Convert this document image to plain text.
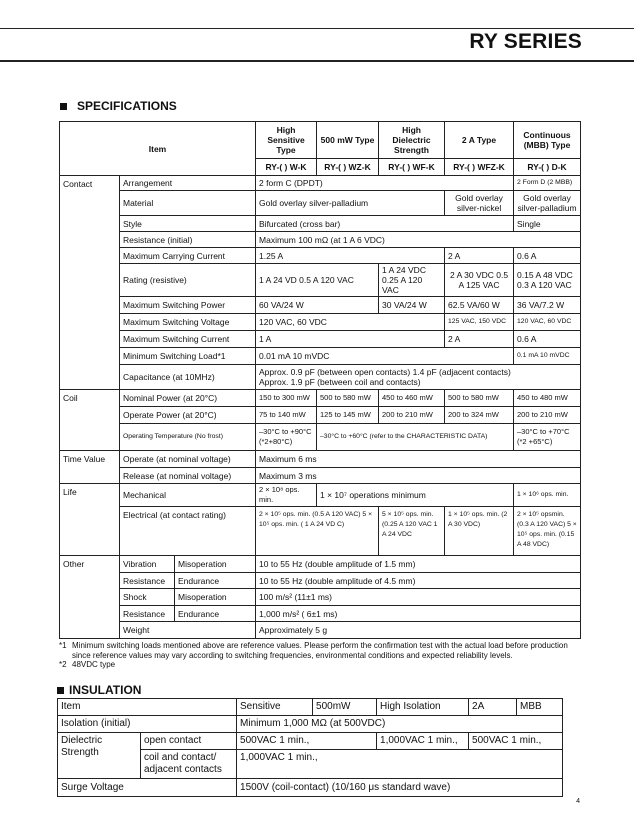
RY SERIES
SPECIFICATIONS
Item			High Sensitive Type	500 mW Type	High Dielectric Strength	2 A Type	Continuous (MBB) Type
			RY-( ) W-K	RY-( ) WZ-K	RY-( ) WF-K	RY-( ) WFZ-K	RY-( ) D-K
Contact	Arrangement		2 form C (DPDT)				2 Form D (2 MBB)
	Material		Gold overlay silver-palladium			Gold overlay silver-nickel	Gold overlay silver-palladium
	Style		Bifurcated (cross bar)				Single
	Resistance (initial)		Maximum 100 mΩ (at 1 A 6 VDC)				
	Maximum Carrying Current		1.25 A			2 A	0.6 A
	Rating (resistive)		1 A 24 VD 0.5 A 120 VAC		1 A 24 VDC 0.25 A 120 VAC	2 A 30 VDC 0.5 A 125 VAC	0.15 A 48 VDC 0.3 A 120 VAC
	Maximum Switching Power		60 VA/24 W		30 VA/24 W	62.5 VA/60 W	36 VA/7.2 W
	Maximum Switching Voltage		120 VAC, 60 VDC			125 VAC, 150 VDC	120 VAC, 60 VDC
	Maximum Switching Current		1 A			2 A	0.6 A
	Minimum Switching Load*1		0.01 mA 10 mVDC				0.1 mA 10 mVDC
	Capacitance (at 10MHz)		Approx. 0.9 pF (between open contacts) 1.4 pF (adjacent contacts)
Approx. 1.9 pF (between coil and contacts)				

Coil	Nominal Power (at 20°C)		150 to 300 mW	500 to 580 mW	450 to 460 mW	500 to 580 mW	450 to 480 mW
	Operate Power (at 20°C)		75 to 140 mW	125 to 145 mW	200 to 210 mW	200 to 324 mW	200 to 210 mW
	Operating Temperature (No frost)		–30°C to +90°C (*2+80°C)	–30°C to +60°C (refer to the CHARACTERISTIC DATA)			–30°C to +70°C (*2 +65°C)
Time Value	Operate (at nominal voltage)		Maximum 6 ms				
	Release (at nominal voltage)		Maximum 3 ms				
Life	Mechanical		2 × 10⁸ ops. min.	1 × 10⁷ operations minimum			1 × 10⁶ ops. min.
	Electrical (at contact rating)		2 × 10⁵ ops. min. (0.5 A 120 VAC) 5 × 10⁵ ops. min. ( 1 A 24 VD C)		5 × 10⁵ ops. min. (0.25 A 120 VAC 1 A 24 VDC	1 × 10⁵ ops. min. (2 A 30 VDC)	2 × 10⁵ opsmin. (0.3 A 120 VAC) 5 × 10⁵ ops. min. (0.15 A 48 VDC)
Other	Vibration	Misoperation	10 to 55 Hz (double amplitude of 1.5 mm)				
	Resistance	Endurance	10 to 55 Hz (double amplitude of 4.5 mm)				
	Shock	Misoperation	100 m/s² (11±1 ms)				
	Resistance	Endurance	1,000 m/s² ( 6±1 ms)				
	Weight		Approximately 5 g				
*1 Minimum switching loads mentioned above are reference values. Please perform the confirmation test with the actual load before production since reference values may vary according to switching frequencies, environmental conditions and expected reliability levels.
*2 48VDC type
INSULATION
Item		Sensitive	500mW	High Isolation	2A	MBB
Isolation (initial)		Minimum 1,000 MΩ (at 500VDC)				
Dielectric Strength	open contact	500VAC 1 min.,		1,000VAC 1 min.,	500VAC 1 min.,	
	coil and contact/ adjacent contacts	1,000VAC 1 min.,				
Surge Voltage		1500V (coil-contact) (10/160 μs standard wave)				
4
